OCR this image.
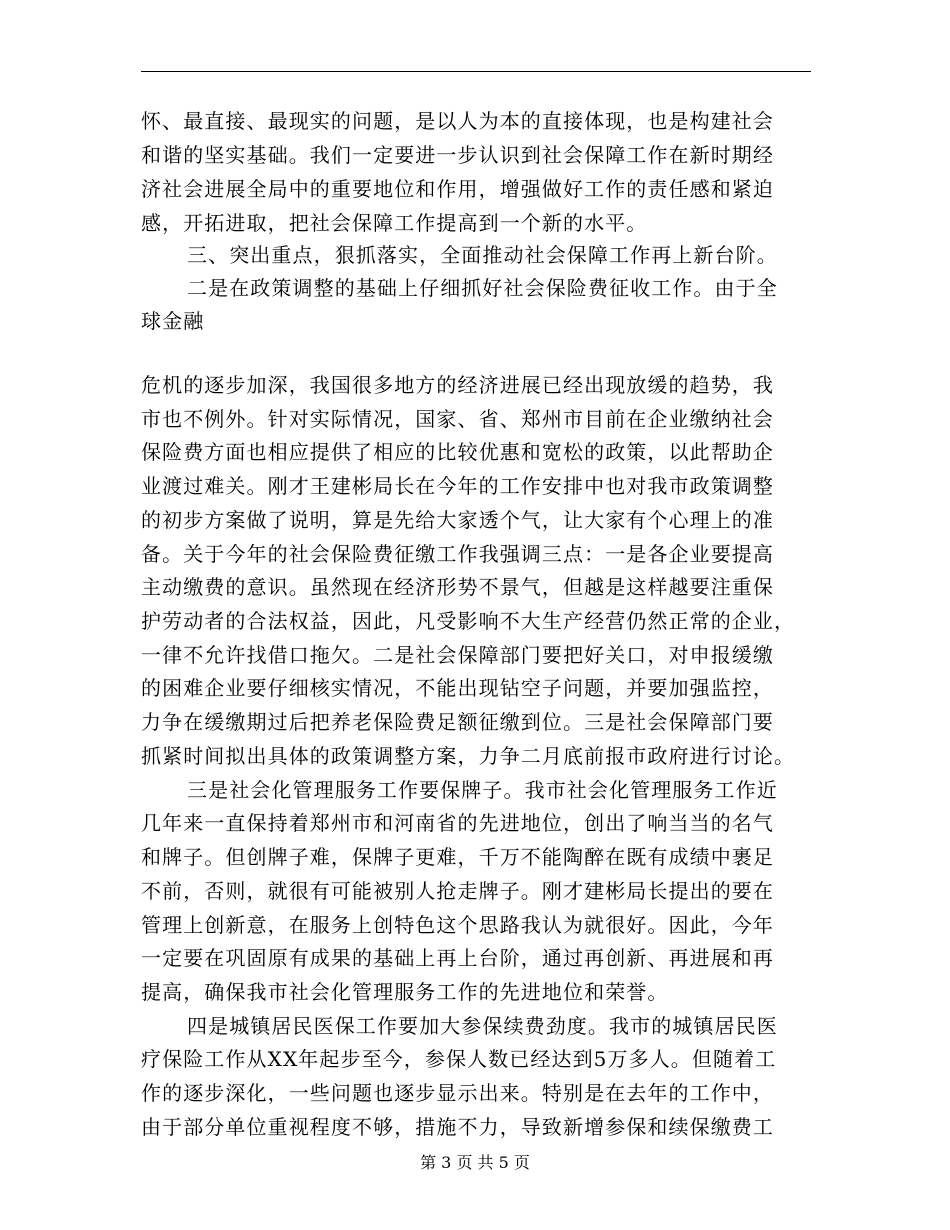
怀、最直接、最现实的问题，是以人为本的直接体现，也是构建社会
和谐的坚实基础。我们一定要进一步认识到社会保障工作在新时期经
济社会进展全局中的重要地位和作用，增强做好工作的责任感和紧迫
感，开拓进取，把社会保障工作提高到一个新的水平。
三、突出重点，狠抓落实，全面推动社会保障工作再上新台阶。
二是在政策调整的基础上仔细抓好社会保险费征收工作。由于全
球金融
危机的逐步加深，我国很多地方的经济进展已经出现放缓的趋势，我
市也不例外。针对实际情况，国家、省、郑州市目前在企业缴纳社会
保险费方面也相应提供了相应的比较优惠和宽松的政策，以此帮助企
业渡过难关。刚才王建彬局长在今年的工作安排中也对我市政策调整
的初步方案做了说明，算是先给大家透个气，让大家有个心理上的准
备。关于今年的社会保险费征缴工作我强调三点：一是各企业要提高
主动缴费的意识。虽然现在经济形势不景气，但越是这样越要注重保
护劳动者的合法权益，因此，凡受影响不大生产经营仍然正常的企业，
一律不允许找借口拖欠。二是社会保障部门要把好关口，对申报缓缴
的困难企业要仔细核实情况，不能出现钻空子问题，并要加强监控，
力争在缓缴期过后把养老保险费足额征缴到位。三是社会保障部门要
抓紧时间拟出具体的政策调整方案，力争二月底前报市政府进行讨论。
三是社会化管理服务工作要保牌子。我市社会化管理服务工作近
几年来一直保持着郑州市和河南省的先进地位，创出了响当当的名气
和牌子。但创牌子难，保牌子更难，千万不能陶醉在既有成绩中裹足
不前，否则，就很有可能被别人抢走牌子。刚才建彬局长提出的要在
管理上创新意，在服务上创特色这个思路我认为就很好。因此，今年
一定要在巩固原有成果的基础上再上台阶，通过再创新、再进展和再
提高，确保我市社会化管理服务工作的先进地位和荣誉。
四是城镇居民医保工作要加大参保续费劲度。我市的城镇居民医
疗保险工作从XX年起步至今，参保人数已经达到5万多人。但随着工
作的逐步深化，一些问题也逐步显示出来。特别是在去年的工作中，
由于部分单位重视程度不够，措施不力，导致新增参保和续保缴费工
第 3 页 共 5 页
